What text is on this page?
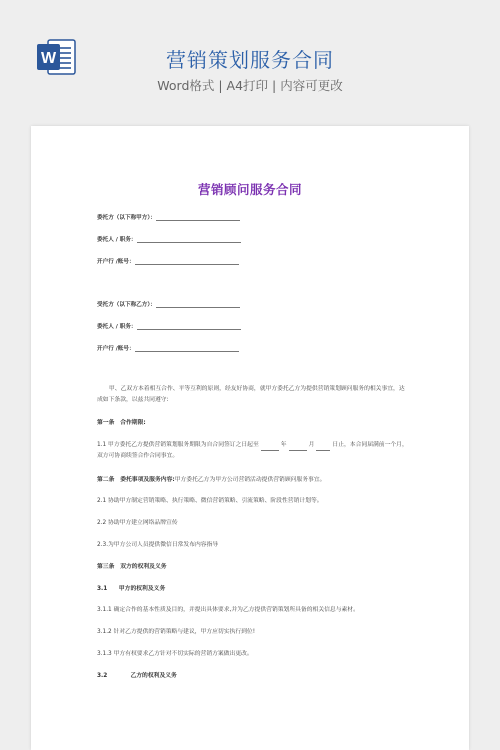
W	营销策划服务合同
Word格式 | A4打印 | 内容可更改
营销顾问服务合同
委托方（以下称甲方）：
委托人 / 职务：
开户行 /账号：
受托方（以下称乙方）：
委托人 / 职务：
开户行 /账号：
甲、乙双方本着相互合作、平等互利的原则，经友好协商，就甲方委托乙方为提供营销策划顾问服务的相关事宜，达成如下条款，以兹共同遵守:
第一条　合作期限:
1.1 甲方委托乙方提供营销策划服务期限为自合同签订之日起至	年	月	日止，本合同届满前一个月，双方可协商续签合作合同事宜。
第二条　委托事项及服务内容:甲方委托乙方为甲方公司营销活动提供营销顾问服务事宜。
2.1 协助甲方制定营销策略、执行策略、微信营销策略、引流策略、阶段性营销计划等。
2.2 协助甲方建立网络品牌宣传
2.3.为甲方公司人员提供微信日常发布内容指导
第三条　双方的权利及义务
3.1　　甲方的权利及义务
3.1.1 确定合作的基本性质及目的，并提出具体要求,并为乙方提供营销策划所具备的相关信息与素材。
3.1.2 针对乙方提供的营销策略与建议，甲方应切实执行到位!
3.1.3 甲方有权要求乙方针对不切实际的营销方案做出更改。
3.2　　　　乙方的权利及义务
